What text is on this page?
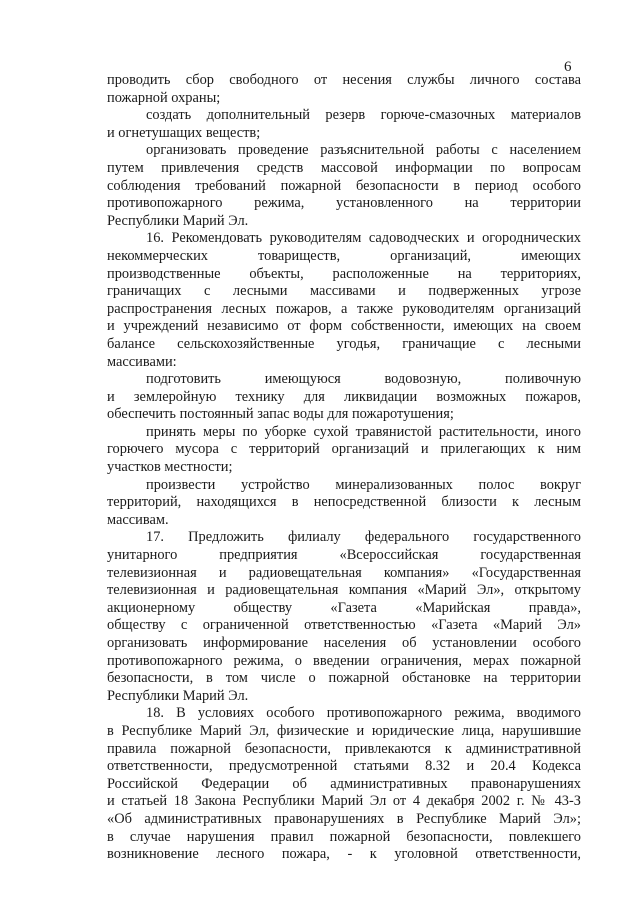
6
проводить сбор свободного от несения службы личного состава
пожарной охраны;
создать дополнительный резерв горюче-смазочных материалов
и огнетушащих веществ;
организовать проведение разъяснительной работы с населением
путем привлечения средств массовой информации по вопросам
соблюдения требований пожарной безопасности в период особого
противопожарного режима, установленного на территории
Республики Марий Эл.
16. Рекомендовать руководителям садоводческих и огороднических
некоммерческих товариществ, организаций, имеющих
производственные объекты, расположенные на территориях,
граничащих с лесными массивами и подверженных угрозе
распространения лесных пожаров, а также руководителям организаций
и учреждений независимо от форм собственности, имеющих на своем
балансе сельскохозяйственные угодья, граничащие с лесными
массивами:
подготовить имеющуюся водовозную, поливочную
и землеройную технику для ликвидации возможных пожаров,
обеспечить постоянный запас воды для пожаротушения;
принять меры по уборке сухой травянистой растительности, иного
горючего мусора с территорий организаций и прилегающих к ним
участков местности;
произвести устройство минерализованных полос вокруг
территорий, находящихся в непосредственной близости к лесным
массивам.
17. Предложить филиалу федерального государственного
унитарного предприятия «Всероссийская государственная
телевизионная и радиовещательная компания» «Государственная
телевизионная и радиовещательная компания «Марий Эл», открытому
акционерному обществу «Газета «Марийская правда»,
обществу с ограниченной ответственностью «Газета «Марий Эл»
организовать информирование населения об установлении особого
противопожарного режима, о введении ограничения, мерах пожарной
безопасности, в том числе о пожарной обстановке на территории
Республики Марий Эл.
18. В условиях особого противопожарного режима, вводимого
в Республике Марий Эл, физические и юридические лица, нарушившие
правила пожарной безопасности, привлекаются к административной
ответственности, предусмотренной статьями 8.32 и 20.4 Кодекса
Российской Федерации об административных правонарушениях
и статьей 18 Закона Республики Марий Эл от 4 декабря 2002 г. № 43-З
«Об административных правонарушениях в Республике Марий Эл»;
в случае нарушения правил пожарной безопасности, повлекшего
возникновение лесного пожара, - к уголовной ответственности,
